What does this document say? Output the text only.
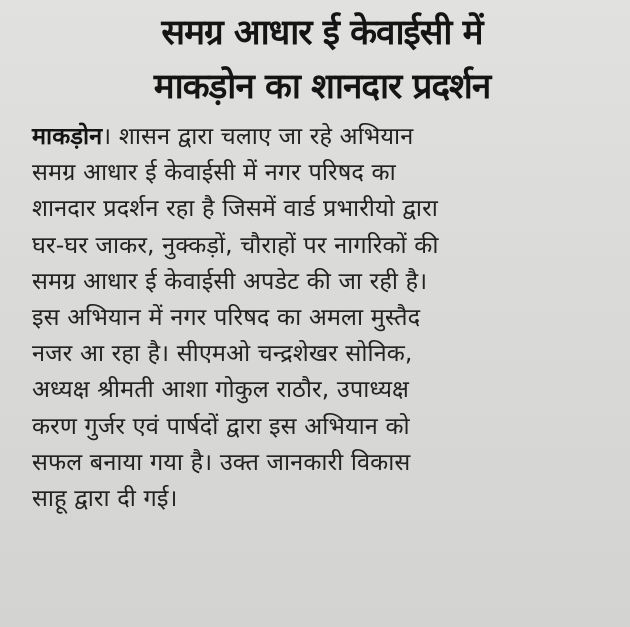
समग्र आधार ई केवाईसी में
माकड़ोन का शानदार प्रदर्शन
माकड़ोन। शासन द्वारा चलाए जा रहे अभियान
समग्र आधार ई केवाईसी में नगर परिषद का
शानदार प्रदर्शन रहा है जिसमें वार्ड प्रभारीयो द्वारा
घर-घर जाकर, नुक्कड़ों, चौराहों पर नागरिकों की
समग्र आधार ई केवाईसी अपडेट की जा रही है।
इस अभियान में नगर परिषद का अमला मुस्तैद
नजर आ रहा है। सीएमओ चन्द्रशेखर सोनिक,
अध्यक्ष श्रीमती आशा गोकुल राठौर, उपाध्यक्ष
करण गुर्जर एवं पार्षदों द्वारा इस अभियान को
सफल बनाया गया है। उक्त जानकारी विकास
साहू द्वारा दी गई।
